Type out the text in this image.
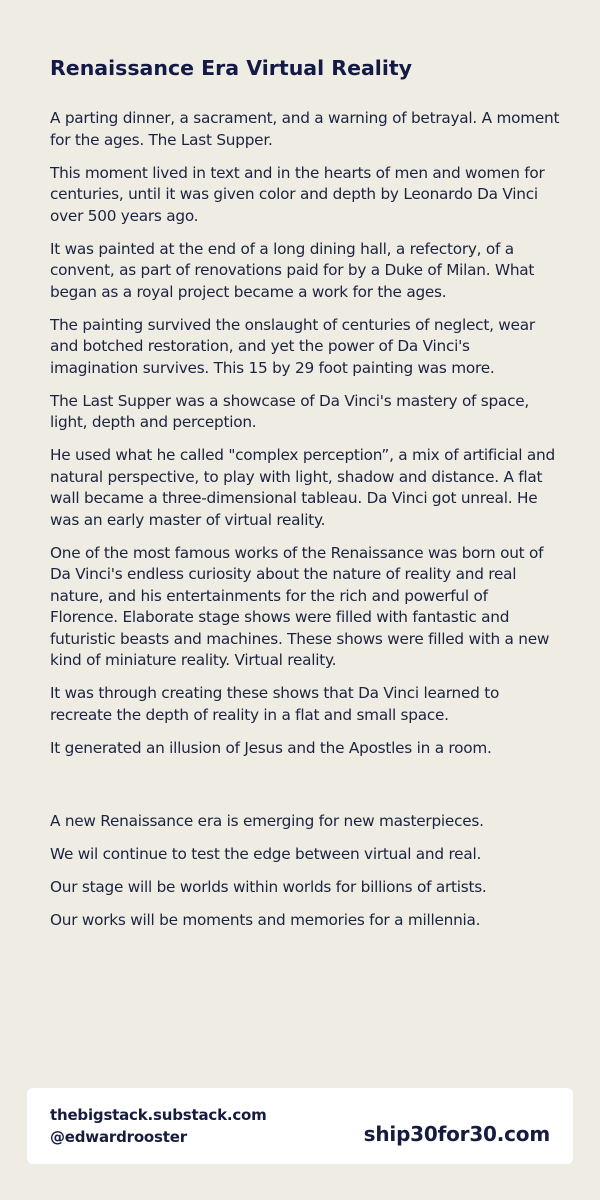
Renaissance Era Virtual Reality

A parting dinner, a sacrament, and a warning of betrayal. A moment for the ages. The Last Supper.

This moment lived in text and in the hearts of men and women for centuries, until it was given color and depth by Leonardo Da Vinci over 500 years ago.

It was painted at the end of a long dining hall, a refectory, of a convent, as part of renovations paid for by a Duke of Milan. What began as a royal project became a work for the ages.

The painting survived the onslaught of centuries of neglect, wear and botched restoration, and yet the power of Da Vinci's imagination survives. This 15 by 29 foot painting was more.

The Last Supper was a showcase of Da Vinci's mastery of space, light, depth and perception.

He used what he called "complex perception”, a mix of artificial and natural perspective, to play with light, shadow and distance. A flat wall became a three-dimensional tableau. Da Vinci got unreal. He was an early master of virtual reality.

One of the most famous works of the Renaissance was born out of Da Vinci's endless curiosity about the nature of reality and real nature, and his entertainments for the rich and powerful of Florence. Elaborate stage shows were filled with fantastic and futuristic beasts and machines. These shows were filled with a new kind of miniature reality. Virtual reality.

It was through creating these shows that Da Vinci learned to recreate the depth of reality in a flat and small space.

It generated an illusion of Jesus and the Apostles in a room.

A new Renaissance era is emerging for new masterpieces.

We wil continue to test the edge between virtual and real.

Our stage will be worlds within worlds for billions of artists.

Our works will be moments and memories for a millennia.

thebigstack.substack.com
@edwardrooster	ship30for30.com
